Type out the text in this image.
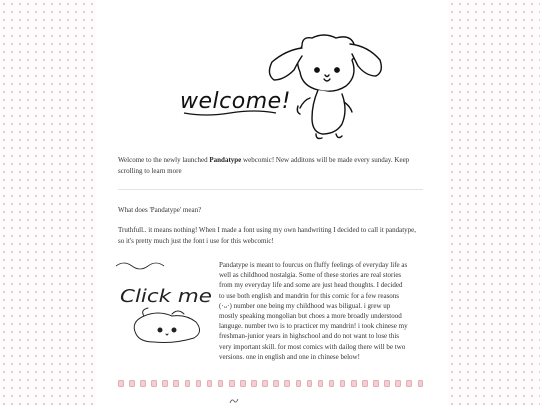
welcome!
Welcome to the newly launched Pandatype webcomic! New additons will be made every sunday. Keep scrolling to learn more
What does 'Pandatype' mean?
Truthfull.. it means nothing! When I made a font using my own handwriting I decided to call it pandatype, so it's pretty much just the font i use for this webcomic!
Click me
Pandatype is meant to fourcus on fluffy feelings of everyday life as well as childhood nostalgia. Some of these stories are real stories from my everyday life and some are just head thoughts. I decided to use both english and mandrin for this comic for a few reasons (·ᴗ·) number one being my childhood was biligual. i grew up mostly speaking mongolian but choes a more broadly understood languge. number two is to practicer my mandrin! i took chinese my freshman-junior years in highschool and do not want to lose this very important skill. for most comics with dailog there will be two versions. one in english and one in chinese below!
